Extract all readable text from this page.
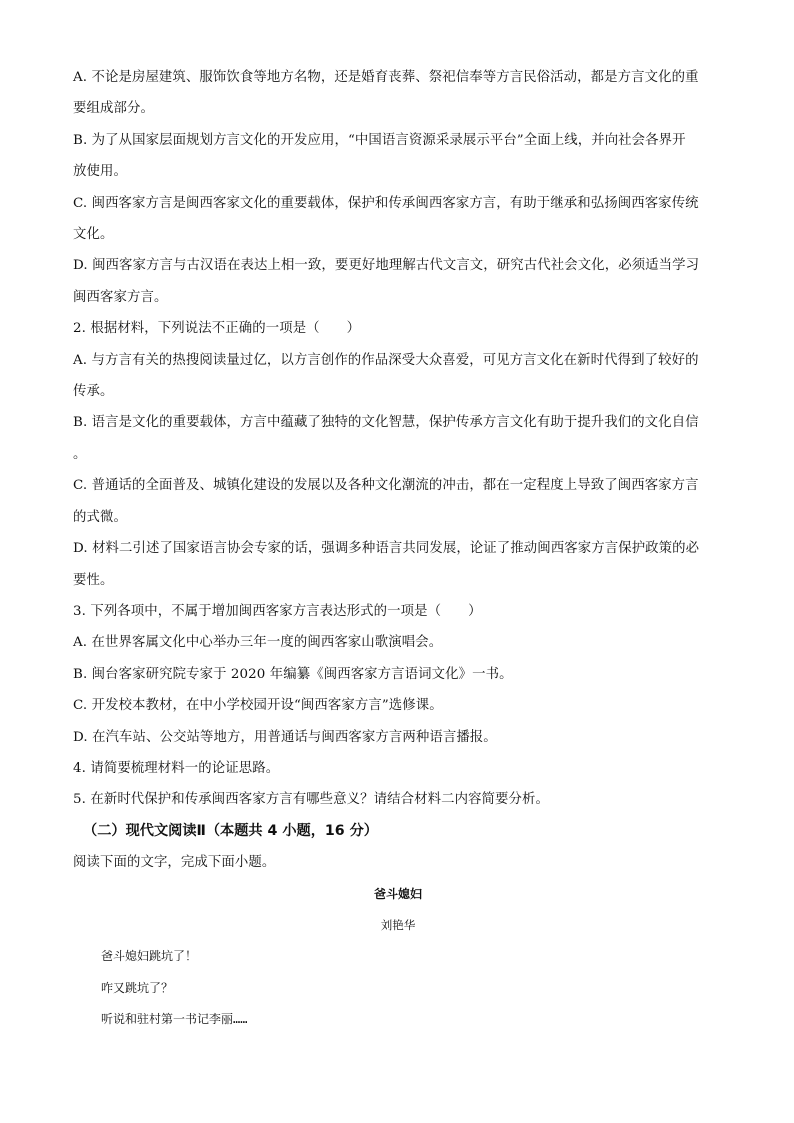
A. 不论是房屋建筑、服饰饮食等地方名物，还是婚育丧葬、祭祀信奉等方言民俗活动，都是方言文化的重
要组成部分。
B. 为了从国家层面规划方言文化的开发应用，“中国语言资源采录展示平台”全面上线，并向社会各界开
放使用。
C. 闽西客家方言是闽西客家文化的重要载体，保护和传承闽西客家方言，有助于继承和弘扬闽西客家传统
文化。
D. 闽西客家方言与古汉语在表达上相一致，要更好地理解古代文言文，研究古代社会文化，必须适当学习
闽西客家方言。
2. 根据材料，下列说法不正确的一项是（　　）
A. 与方言有关的热搜阅读量过亿，以方言创作的作品深受大众喜爱，可见方言文化在新时代得到了较好的
传承。
B. 语言是文化的重要载体，方言中蕴藏了独特的文化智慧，保护传承方言文化有助于提升我们的文化自信
。
C. 普通话的全面普及、城镇化建设的发展以及各种文化潮流的冲击，都在一定程度上导致了闽西客家方言
的式微。
D. 材料二引述了国家语言协会专家的话，强调多种语言共同发展，论证了推动闽西客家方言保护政策的必
要性。
3. 下列各项中，不属于增加闽西客家方言表达形式的一项是（　　）
A. 在世界客属文化中心举办三年一度的闽西客家山歌演唱会。
B. 闽台客家研究院专家于 2020 年编纂《闽西客家方言语词文化》一书。
C. 开发校本教材，在中小学校园开设“闽西客家方言”选修课。
D. 在汽车站、公交站等地方，用普通话与闽西客家方言两种语言播报。
4. 请简要梳理材料一的论证思路。
5. 在新时代保护和传承闽西客家方言有哪些意义？请结合材料二内容简要分析。
（二）现代文阅读Ⅱ（本题共 4 小题，16 分）
阅读下面的文字，完成下面小题。
爸斗媳妇
刘艳华
爸斗媳妇跳坑了！
咋又跳坑了？
听说和驻村第一书记李丽……
